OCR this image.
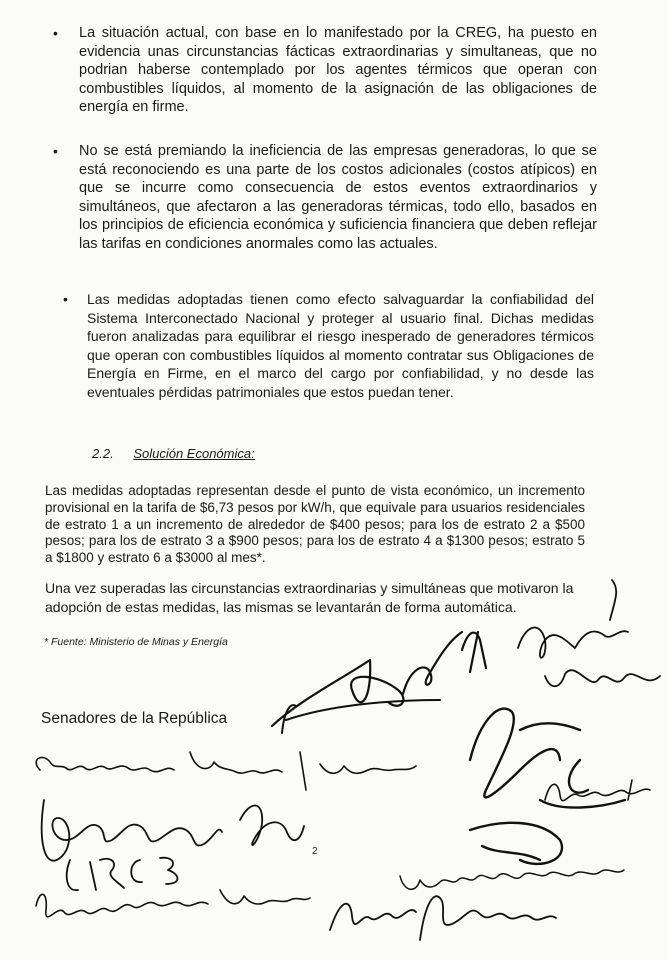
• La situación actual, con base en lo manifestado por la CREG, ha puesto en evidencia unas circunstancias fácticas extraordinarias y simultaneas, que no podrian haberse contemplado por los agentes térmicos que operan con combustibles líquidos, al momento de la asignación de las obligaciones de energía en firme.
• No se está premiando la ineficiencia de las empresas generadoras, lo que se está reconociendo es una parte de los costos adicionales (costos atípicos) en que se incurre como consecuencia de estos eventos extraordinarios y simultáneos, que afectaron a las generadoras térmicas, todo ello, basados en los principios de eficiencia económica y suficiencia financiera que deben reflejar las tarifas en condiciones anormales como las actuales.
• Las medidas adoptadas tienen como efecto salvaguardar la confiabilidad del Sistema Interconectado Nacional y proteger al usuario final. Dichas medidas fueron analizadas para equilibrar el riesgo inesperado de generadores térmicos que operan con combustibles líquidos al momento contratar sus Obligaciones de Energía en Firme, en el marco del cargo por confiabilidad, y no desde las eventuales pérdidas patrimoniales que estos puedan tener.
2.2. Solución Económica:
Las medidas adoptadas representan desde el punto de vista económico, un incremento provisional en la tarifa de $6,73 pesos por kW/h, que equivale para usuarios residenciales de estrato 1 a un incremento de alrededor de $400 pesos; para los de estrato 2 a $500 pesos; para los de estrato 3 a $900 pesos; para los de estrato 4 a $1300 pesos; estrato 5 a $1800 y estrato 6 a $3000 al mes*.
Una vez superadas las circunstancias extraordinarias y simultáneas que motivaron la adopción de estas medidas, las mismas se levantarán de forma automática.
* Fuente: Ministerio de Minas y Energía
Senadores de la República
2
